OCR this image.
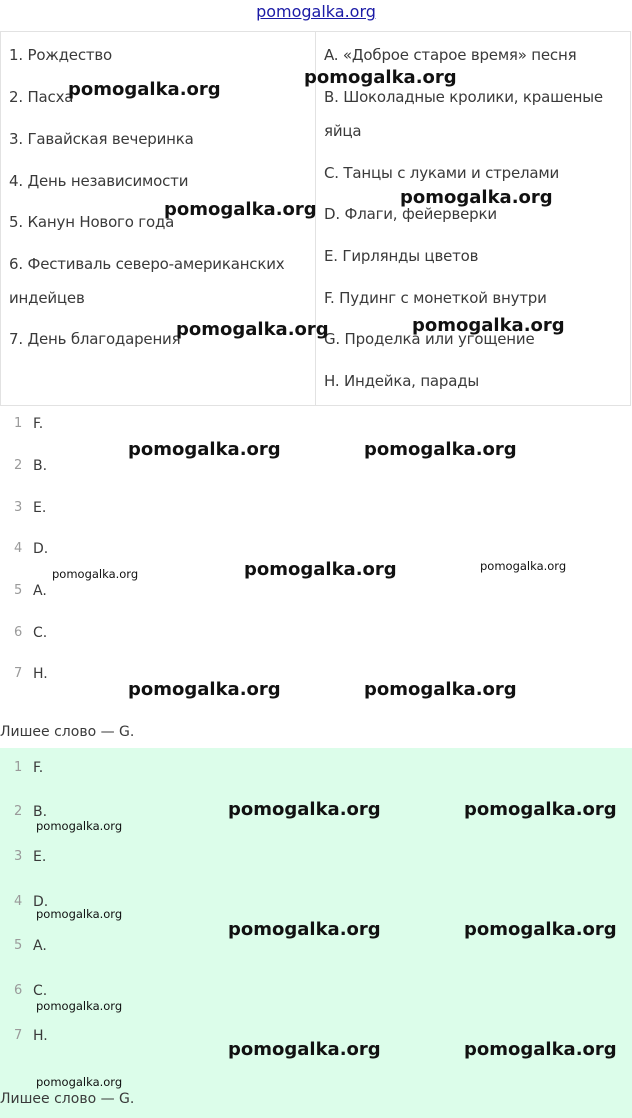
pomogalka.org
1. Рождество
2. Пасха
3. Гавайская вечеринка
4. День независимости
5. Канун Нового года
6. Фестиваль северо-американских
индейцев
7. День благодарения
A. «Доброе старое время» песня
B. Шоколадные кролики, крашеные
яйца
C. Танцы с луками и стрелами
D. Флаги, фейерверки
E. Гирлянды цветов
F. Пудинг с монеткой внутри
G. Проделка или угощение
H. Индейка, парады
1 F.
2 B.
3 E.
4 D.
5 A.
6 C.
7 H.
Лишее слово — G.
1 F.
2 B.
3 E.
4 D.
5 A.
6 C.
7 H.
Лишее слово — G.
pomogalka.org
pomogalka.org
pomogalka.org
pomogalka.org
pomogalka.org	pomogalka.org
pomogalka.org	pomogalka.org
pomogalka.org
pomogalka.org
pomogalka.org
pomogalka.org	pomogalka.org
pomogalka.org	pomogalka.org
pomogalka.org
pomogalka.org
pomogalka.org	pomogalka.org
pomogalka.org
pomogalka.org	pomogalka.org
pomogalka.org
